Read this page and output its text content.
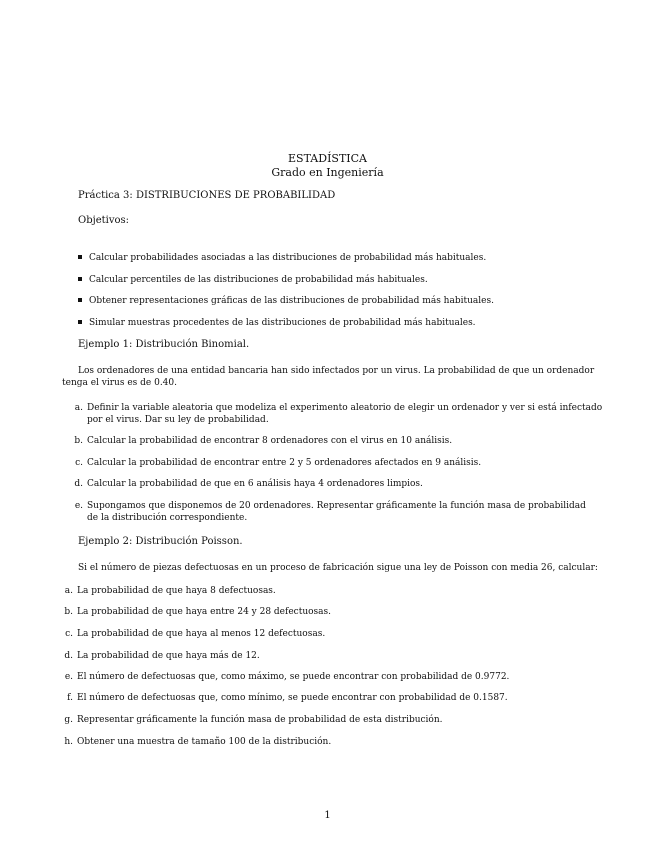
ESTADÍSTICA
Grado en Ingeniería
Práctica 3: DISTRIBUCIONES DE PROBABILIDAD
Objetivos:
Calcular probabilidades asociadas a las distribuciones de probabilidad más habituales.
Calcular percentiles de las distribuciones de probabilidad más habituales.
Obtener representaciones gráficas de las distribuciones de probabilidad más habituales.
Simular muestras procedentes de las distribuciones de probabilidad más habituales.
Ejemplo 1: Distribución Binomial.
Los ordenadores de una entidad bancaria han sido infectados por un virus. La probabilidad de que un ordenador
tenga el virus es de 0.40.
a. Definir la variable aleatoria que modeliza el experimento aleatorio de elegir un ordenador y ver si está infectado
por el virus. Dar su ley de probabilidad.
b. Calcular la probabilidad de encontrar 8 ordenadores con el virus en 10 análisis.
c. Calcular la probabilidad de encontrar entre 2 y 5 ordenadores afectados en 9 análisis.
d. Calcular la probabilidad de que en 6 análisis haya 4 ordenadores limpios.
e. Supongamos que disponemos de 20 ordenadores. Representar gráficamente la función masa de probabilidad
de la distribución correspondiente.
Ejemplo 2: Distribución Poisson.
Si el número de piezas defectuosas en un proceso de fabricación sigue una ley de Poisson con media 26, calcular:
a. La probabilidad de que haya 8 defectuosas.
b. La probabilidad de que haya entre 24 y 28 defectuosas.
c. La probabilidad de que haya al menos 12 defectuosas.
d. La probabilidad de que haya más de 12.
e. El número de defectuosas que, como máximo, se puede encontrar con probabilidad de 0.9772.
f. El número de defectuosas que, como mínimo, se puede encontrar con probabilidad de 0.1587.
g. Representar gráficamente la función masa de probabilidad de esta distribución.
h. Obtener una muestra de tamaño 100 de la distribución.
1
